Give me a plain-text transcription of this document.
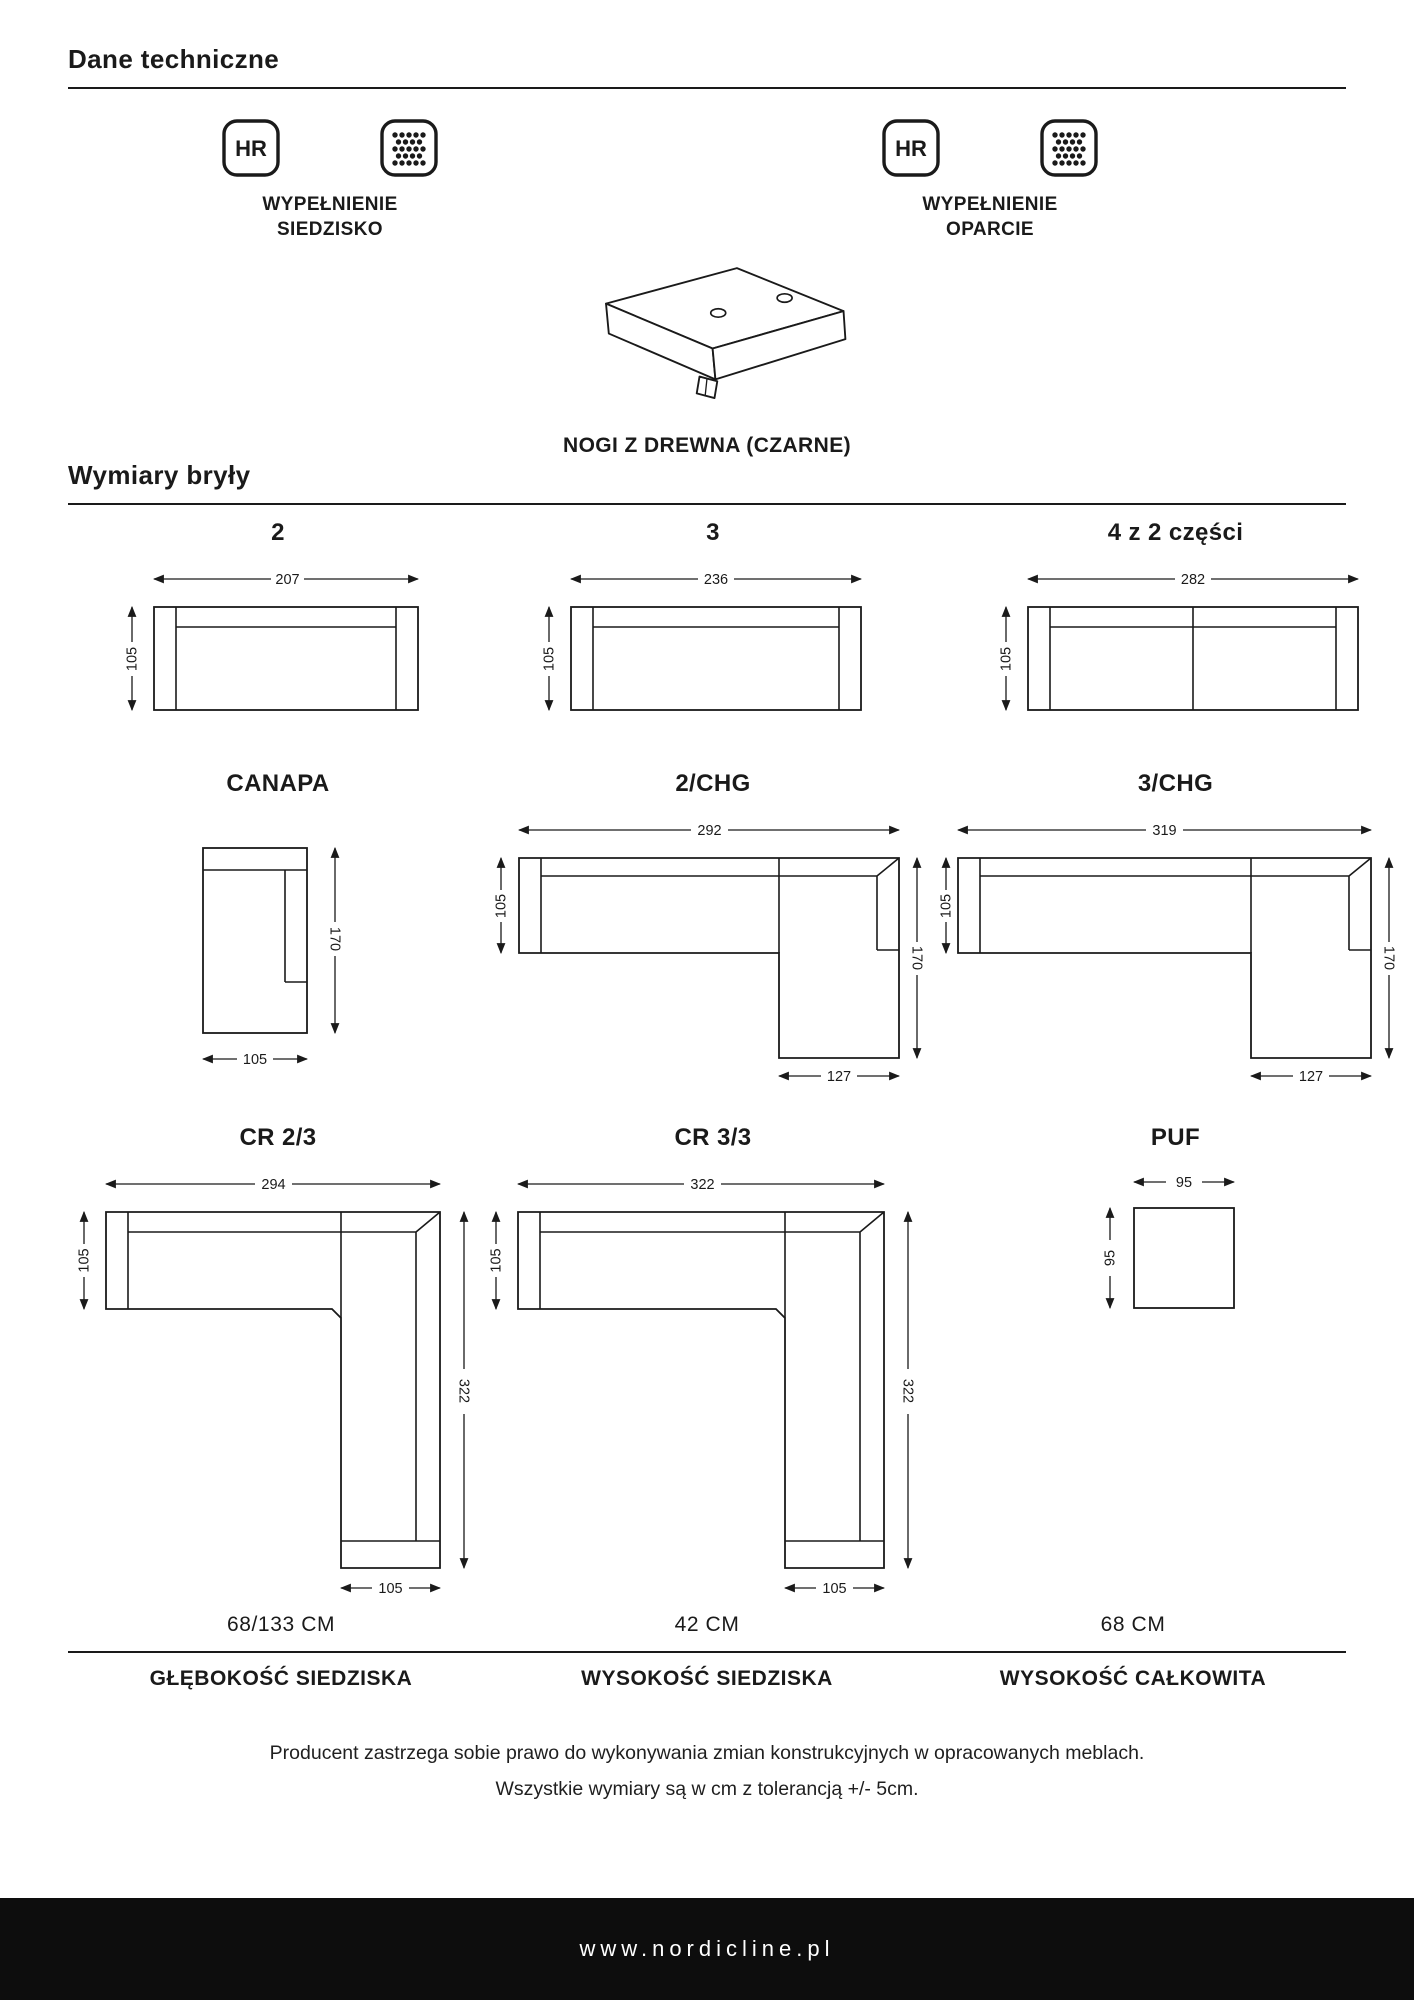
Dane techniczne
HR
WYPEŁNIENIE
SIEDZISKO
HR
WYPEŁNIENIE
OPARCIE
NOGI Z DREWNA (CZARNE)
Wymiary bryły
2
207
105
3
236
105
4 z 2 części
282
105
CANAPA
170
105
2/CHG
292
105
170
127
3/CHG
319
105
170
127
CR 2/3
294
105
322
105
CR 3/3
322
105
322
105
PUF
95
95
68/133 CM	42 CM	68 CM
GŁĘBOKOŚĆ SIEDZISKA	WYSOKOŚĆ SIEDZISKA	WYSOKOŚĆ CAŁKOWITA
Producent zastrzega sobie prawo do wykonywania zmian konstrukcyjnych w opracowanych meblach.
Wszystkie wymiary są w cm z tolerancją +/- 5cm.
www.nordicline.pl
